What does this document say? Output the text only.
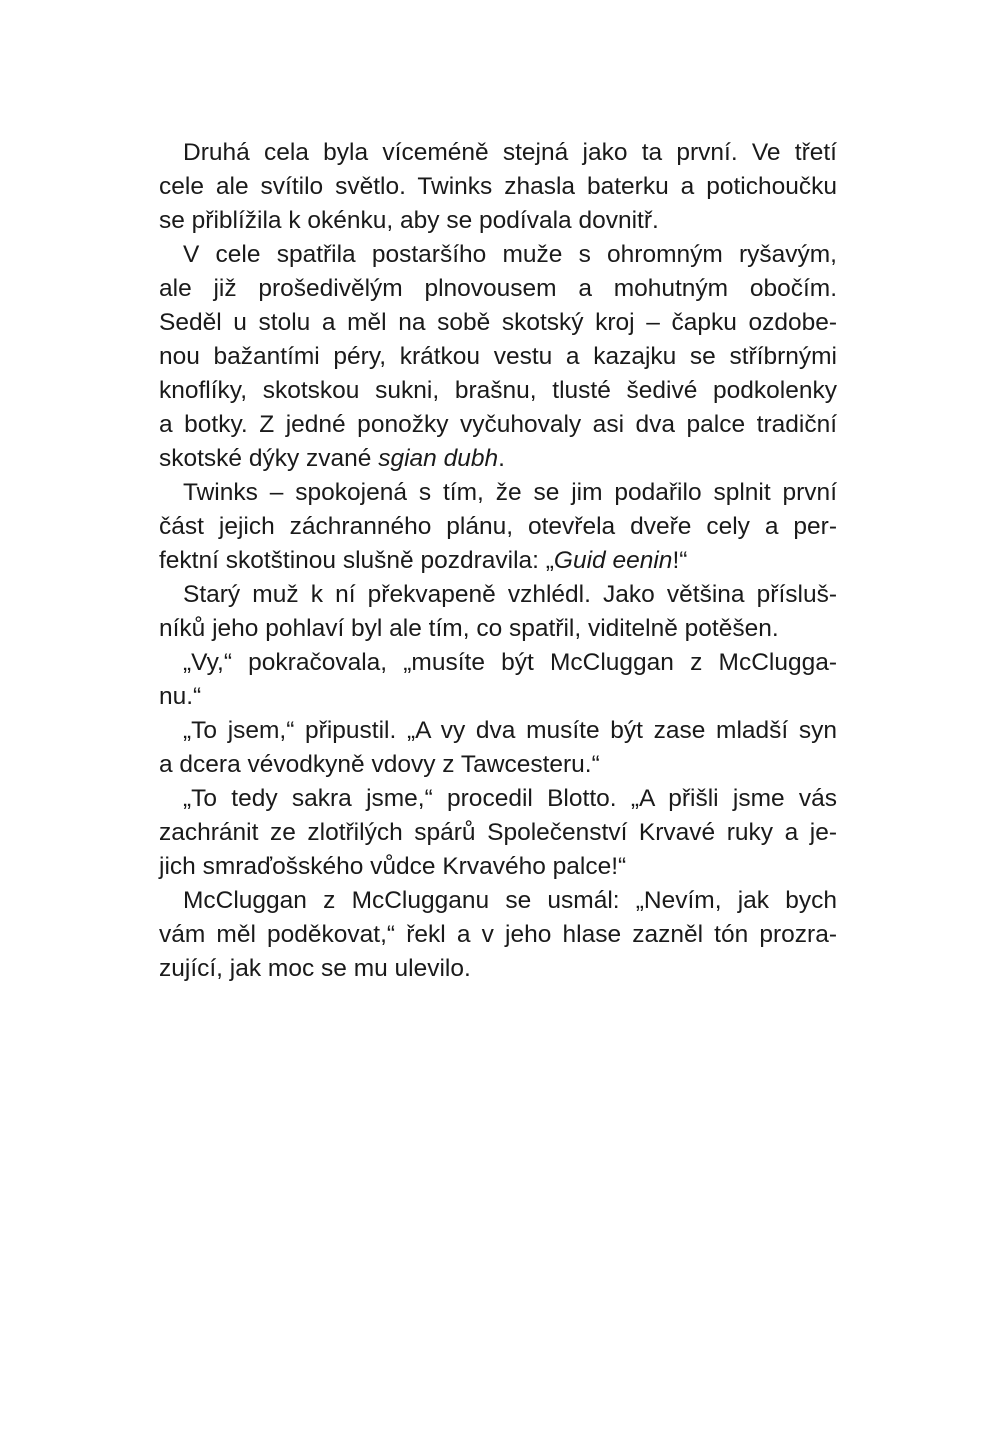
Druhá cela byla víceméně stejná jako ta první. Ve třetí
cele ale svítilo světlo. Twinks zhasla baterku a potichoučku
se přiblížila k okénku, aby se podívala dovnitř.
V cele spatřila postaršího muže s ohromným ryšavým,
ale již prošedivělým plnovousem a mohutným obočím.
Seděl u stolu a měl na sobě skotský kroj – čapku ozdobe-
nou bažantími péry, krátkou vestu a kazajku se stříbrnými
knoflíky, skotskou sukni, brašnu, tlusté šedivé podkolenky
a botky. Z jedné ponožky vyčuhovaly asi dva palce tradiční
skotské dýky zvané sgian dubh.
Twinks – spokojená s tím, že se jim podařilo splnit první
část jejich záchranného plánu, otevřela dveře cely a per-
fektní skotštinou slušně pozdravila: „Guid eenin!“
Starý muž k ní překvapeně vzhlédl. Jako většina přísluš-
níků jeho pohlaví byl ale tím, co spatřil, viditelně potěšen.
„Vy,“ pokračovala, „musíte být McCluggan z McClugga-
nu.“
„To jsem,“ připustil. „A vy dva musíte být zase mladší syn
a dcera vévodkyně vdovy z Tawcesteru.“
„To tedy sakra jsme,“ procedil Blotto. „A přišli jsme vás
zachránit ze zlotřilých spárů Společenství Krvavé ruky a je-
jich smraďošského vůdce Krvavého palce!“
McCluggan z McClugganu se usmál: „Nevím, jak bych
vám měl poděkovat,“ řekl a v jeho hlase zazněl tón prozra-
zující, jak moc se mu ulevilo.
